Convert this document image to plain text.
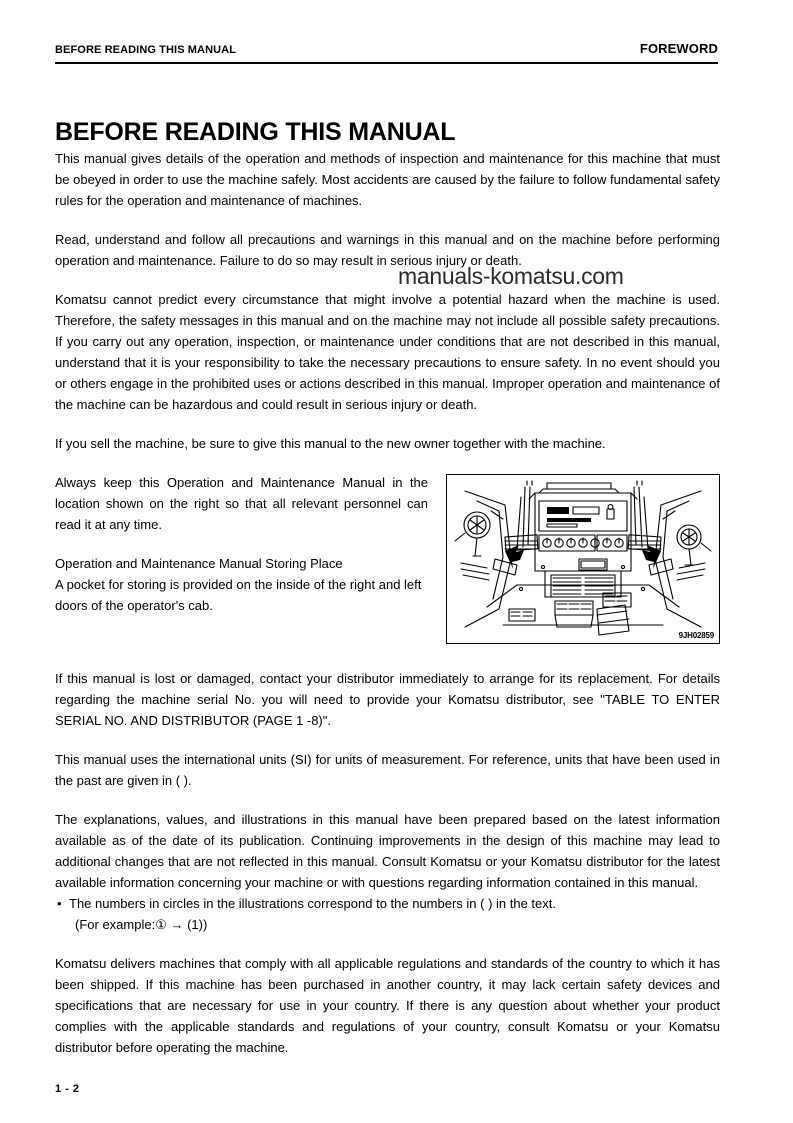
BEFORE READING THIS MANUAL	FOREWORD
BEFORE READING THIS MANUAL

This manual gives details of the operation and methods of inspection and maintenance for this machine that must be obeyed in order to use the machine safely. Most accidents are caused by the failure to follow fundamental safety rules for the operation and maintenance of machines.

Read, understand and follow all precautions and warnings in this manual and on the machine before performing operation and maintenance. Failure to do so may result in serious injury or death.

Komatsu cannot predict every circumstance that might involve a potential hazard when the machine is used. Therefore, the safety messages in this manual and on the machine may not include all possible safety precautions. If you carry out any operation, inspection, or maintenance under conditions that are not described in this manual, understand that it is your responsibility to take the necessary precautions to ensure safety. In no event should you or others engage in the prohibited uses or actions described in this manual. Improper operation and maintenance of the machine can be hazardous and could result in serious injury or death.

If you sell the machine, be sure to give this manual to the new owner together with the machine.

9JH02859

Always keep this Operation and Maintenance Manual in the location shown on the right so that all relevant personnel can read it at any time.

Operation and Maintenance Manual Storing Place

A pocket for storing is provided on the inside of the right and left doors of the operator's cab.

If this manual is lost or damaged, contact your distributor immediately to arrange for its replacement. For details regarding the machine serial No. you will need to provide your Komatsu distributor, see "TABLE TO ENTER SERIAL NO. AND DISTRIBUTOR (PAGE 1 -8)".

This manual uses the international units (SI) for units of measurement. For reference, units that have been used in the past are given in ( ).

The explanations, values, and illustrations in this manual have been prepared based on the latest information available as of the date of its publication. Continuing improvements in the design of this machine may lead to additional changes that are not reflected in this manual. Consult Komatsu or your Komatsu distributor for the latest available information concerning your machine or with questions regarding information contained in this manual.

• The numbers in circles in the illustrations correspond to the numbers in ( ) in the text.
(For example:① → (1))

Komatsu delivers machines that comply with all applicable regulations and standards of the country to which it has been shipped. If this machine has been purchased in another country, it may lack certain safety devices and specifications that are necessary for use in your country. If there is any question about whether your product complies with the applicable standards and regulations of your country, consult Komatsu or your Komatsu distributor before operating the machine.

manuals-komatsu.com
1 - 2
